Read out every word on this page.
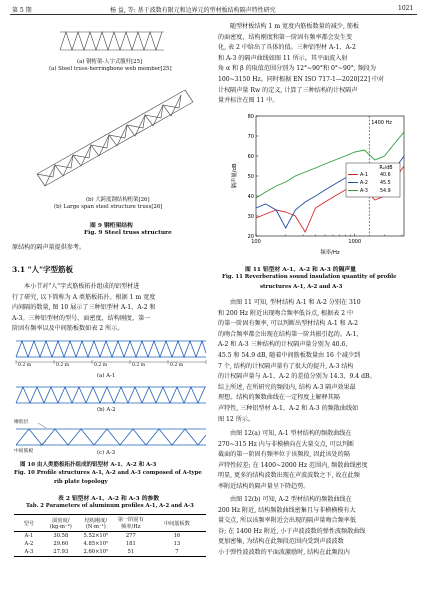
第 5 期	杨 益, 等: 基于波数有限元和边界元的型材板结构隔声特性研究	1021
(a) 钢桁架-人字式腹杆[25]
(a) Steel truss-herringbone web member[25]
(b) 大跨度钢结构桁架[26]
(b) Large span steel structure truss[26]
图 9 钢桁架结构
Fig. 9 Steel truss structure
原结构的隔声量提供参考。
3.1 "人"字型筋板
本小节对"人"字式筋板拓扑组成的铝型材进
行了研究, 以下简称为 A 类筋板拓扑。根据 1 m 宽度
内间隔的数量, 图 10 展示了三种铝型材 A-1、A-2 和
A-3。三种铝型材的型号、面密度、结构刚度、第一
阶固有频率以及中间筋板数如表 2 所示。
0.2 m	0.2 m	0.2 m	0.2 m	0.2 m
(a) A-1
(b) A-2
橡胶层
中间筋板	(c) A-3
图 10 由人类筋板拓扑组成的铝型材 A-1、A-2 和 A-3
Fig. 10 Profile structures A-1, A-2 and A-3 composed of A-type
rib plate topology
表 2 铝型材 A-1、A-2 和 A-3 的参数
Tab. 2 Parameters of aluminum profiles A-1, A-2 and A-3
型号	面密度/ (kg·m⁻²)	结构刚度/ (N·m⁻¹)	第一阶固有 频率/Hz	中间筋板数
A-1	30.58	5.52×10⁵	277	16
A-2	29.60	4.85×10⁵	181	13
A-3	27.93	2.60×10⁵	51	7
随型材板结构 1 m 宽度内筋板数量的减少, 筋板
的面密度、结构刚度和第一阶固有频率都会发生变
化, 表 2 中给出了具体的值。三种铝型材 A-1、A-2
和 A-3 的隔声曲线如图 11 所示。其平面波入射
角 α 和 β 的取值范围分别为 12°~90°和 0°~90°, 频段为
100~3150 Hz。同时根据 EN ISO 717-1—2020[22] 中对
计权隔声量 Rw 的定义, 计算了三种结构的计权隔声
量并标注在图 11 中。
20
30
40
50
60
70
80
100	1000
频率/Hz
隔声量/dB
1400 Hz
R₂/dB
A-1	40.6
A-2	45.5
A-3	54.9
图 11 铝型材 A-1、A-2 和 A-3 的隔声量
Fig. 11 Reverberation sound insulation quantity of profile
structures A-1, A-2 and A-3
由图 11 可知, 型材结构 A-1 和 A-2 分别在 310
和 200 Hz 附近出现吻合频率低谷点, 根据表 2 中
的第一阶固有频率, 可以判断出型材结构 A-1 和 A-2
的吻合频率都会出现在结构第一阶共振引起的。A-1、
A-2 和 A-3 三种结构的计权隔声量分别为 40.6、
45.5 和 54.9 dB, 随着中间筋板数量由 16 个减少到
7 个, 结构的计权隔声量有了很大的提升, A-3 结构
的计权隔声量与 A-1、A-2 的差值分别为 14.3、9.4 dB。
综上所述, 在所研究的频段内, 结构 A-3 隔声效果最
理想。结构的频数曲线在一定程度上解释其隔
声特性, 三种铝型材 A-1、A-2 和 A-3 的频散曲线如
图 12 所示。
由图 12(a) 可知, A-1 型材结构的频散曲线在
270~315 Hz 内与非模横向在大量交点, 可以判断
截面的第一阶固有频率位于该频段, 因此该处的隔
声特性较差; 在 1400~2000 Hz 范围内, 频散曲线密度
明显, 更多的结构波数出现在声波波数之下, 故在此频
率附近结构的隔声量呈下降趋势。
由图 12(b) 可知, A-2 型材结构的频散曲线在
200 Hz 附近, 结构频散曲线密集且与非横横模有大
量交点, 所以该频率附近会出现的隔声量吻合频率低
谷; 在 1400 Hz 附近, 小于声波波数的弹性波频散曲线
更加密集, 为结构在此频段范围内受到声波波数
小于弹性波波数的平面波激励时, 结构在此频段内
